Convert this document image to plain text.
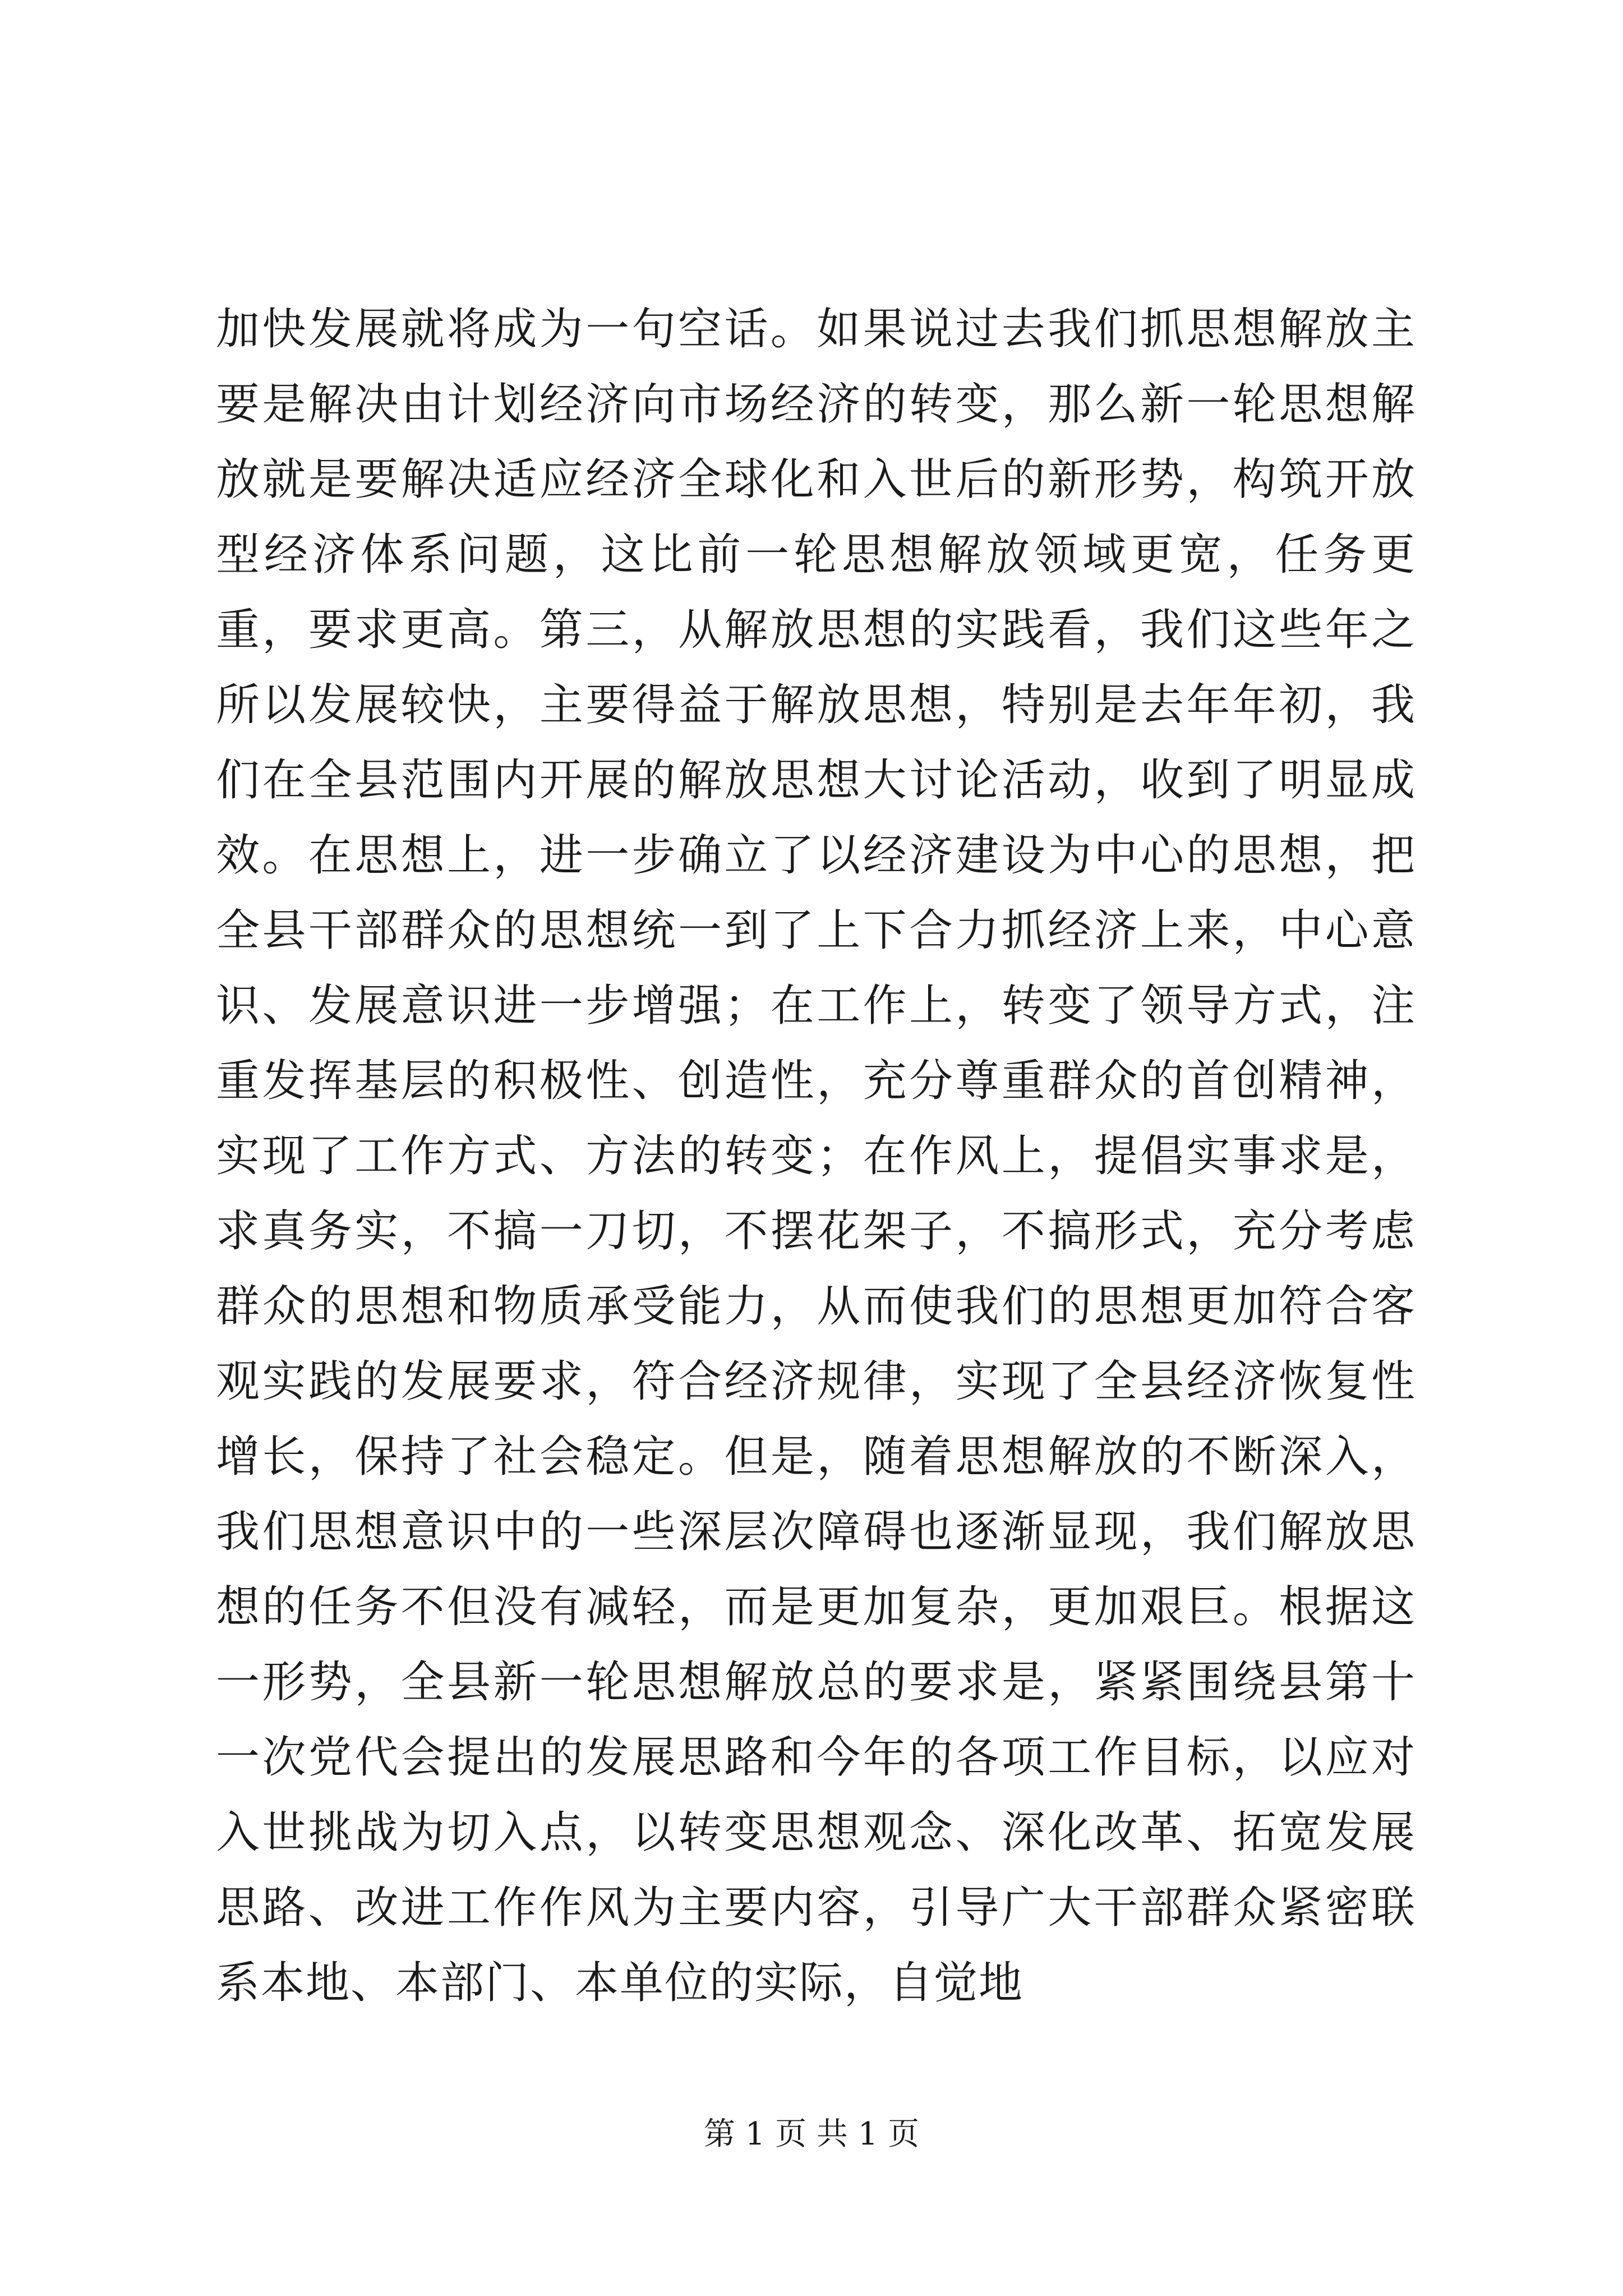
加快发展就将成为一句空话。如果说过去我们抓思想解放主要是解决由计划经济向市场经济的转变，那么新一轮思想解放就是要解决适应经济全球化和入世后的新形势，构筑开放型经济体系问题，这比前一轮思想解放领域更宽，任务更重，要求更高。第三，从解放思想的实践看，我们这些年之所以发展较快，主要得益于解放思想，特别是去年年初，我们在全县范围内开展的解放思想大讨论活动，收到了明显成效。在思想上，进一步确立了以经济建设为中心的思想，把全县干部群众的思想统一到了上下合力抓经济上来，中心意识、发展意识进一步增强；在工作上，转变了领导方式，注重发挥基层的积极性、创造性，充分尊重群众的首创精神，实现了工作方式、方法的转变；在作风上，提倡实事求是，求真务实，不搞一刀切，不摆花架子，不搞形式，充分考虑群众的思想和物质承受能力，从而使我们的思想更加符合客观实践的发展要求，符合经济规律，实现了全县经济恢复性增长，保持了社会稳定。但是，随着思想解放的不断深入，我们思想意识中的一些深层次障碍也逐渐显现，我们解放思想的任务不但没有减轻，而是更加复杂，更加艰巨。根据这一形势，全县新一轮思想解放总的要求是，紧紧围绕县第十一次党代会提出的发展思路和今年的各项工作目标，以应对入世挑战为切入点，以转变思想观念、深化改革、拓宽发展思路、改进工作作风为主要内容，引导广大干部群众紧密联系本地、本部门、本单位的实际，自觉地

第 1 页 共 1 页
